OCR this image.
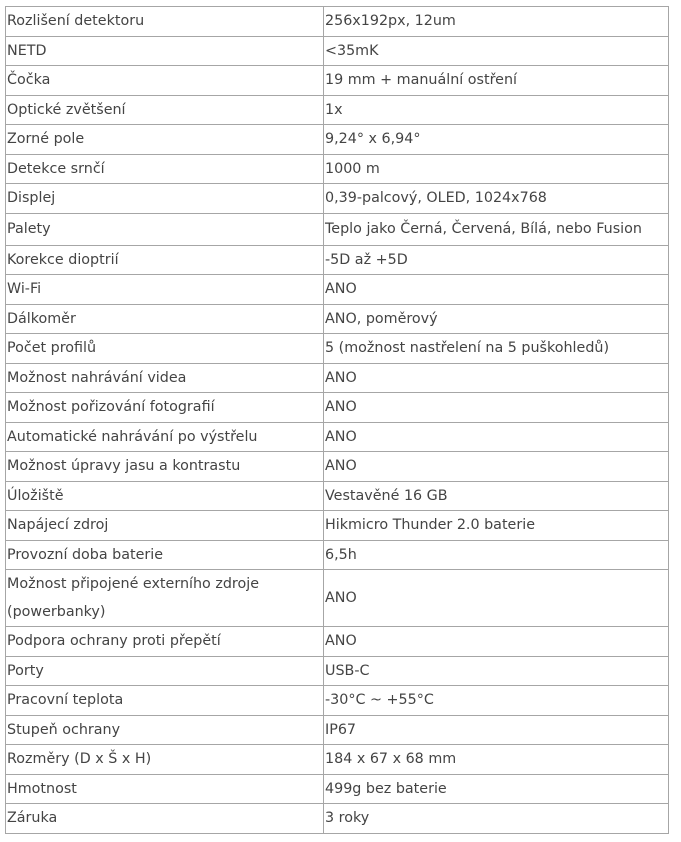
Rozlišení detektoru	256x192px, 12um
NETD	<35mK
Čočka	19 mm + manuální ostření
Optické zvětšení	1x
Zorné pole	9,24° x 6,94°
Detekce srnčí	1000 m
Displej	0,39-palcový, OLED, 1024x768
Palety	Teplo jako Černá, Červená, Bílá, nebo Fusion
Korekce dioptrií	-5D až +5D
Wi-Fi	ANO
Dálkoměr	ANO, poměrový
Počet profilů	5 (možnost nastřelení na 5 puškohledů)
Možnost nahrávání videa	ANO
Možnost pořizování fotografií	ANO
Automatické nahrávání po výstřelu	ANO
Možnost úpravy jasu a kontrastu	ANO
Úložiště	Vestavěné 16 GB
Napájecí zdroj	Hikmicro Thunder 2.0 baterie
Provozní doba baterie	6,5h
Možnost připojené externího zdroje (powerbanky)	ANO
Podpora ochrany proti přepětí	ANO
Porty	USB-C
Pracovní teplota	-30°C ~ +55°C
Stupeň ochrany	IP67
Rozměry (D x Š x H)	184 x 67 x 68 mm
Hmotnost	499g bez baterie
Záruka	3 roky
